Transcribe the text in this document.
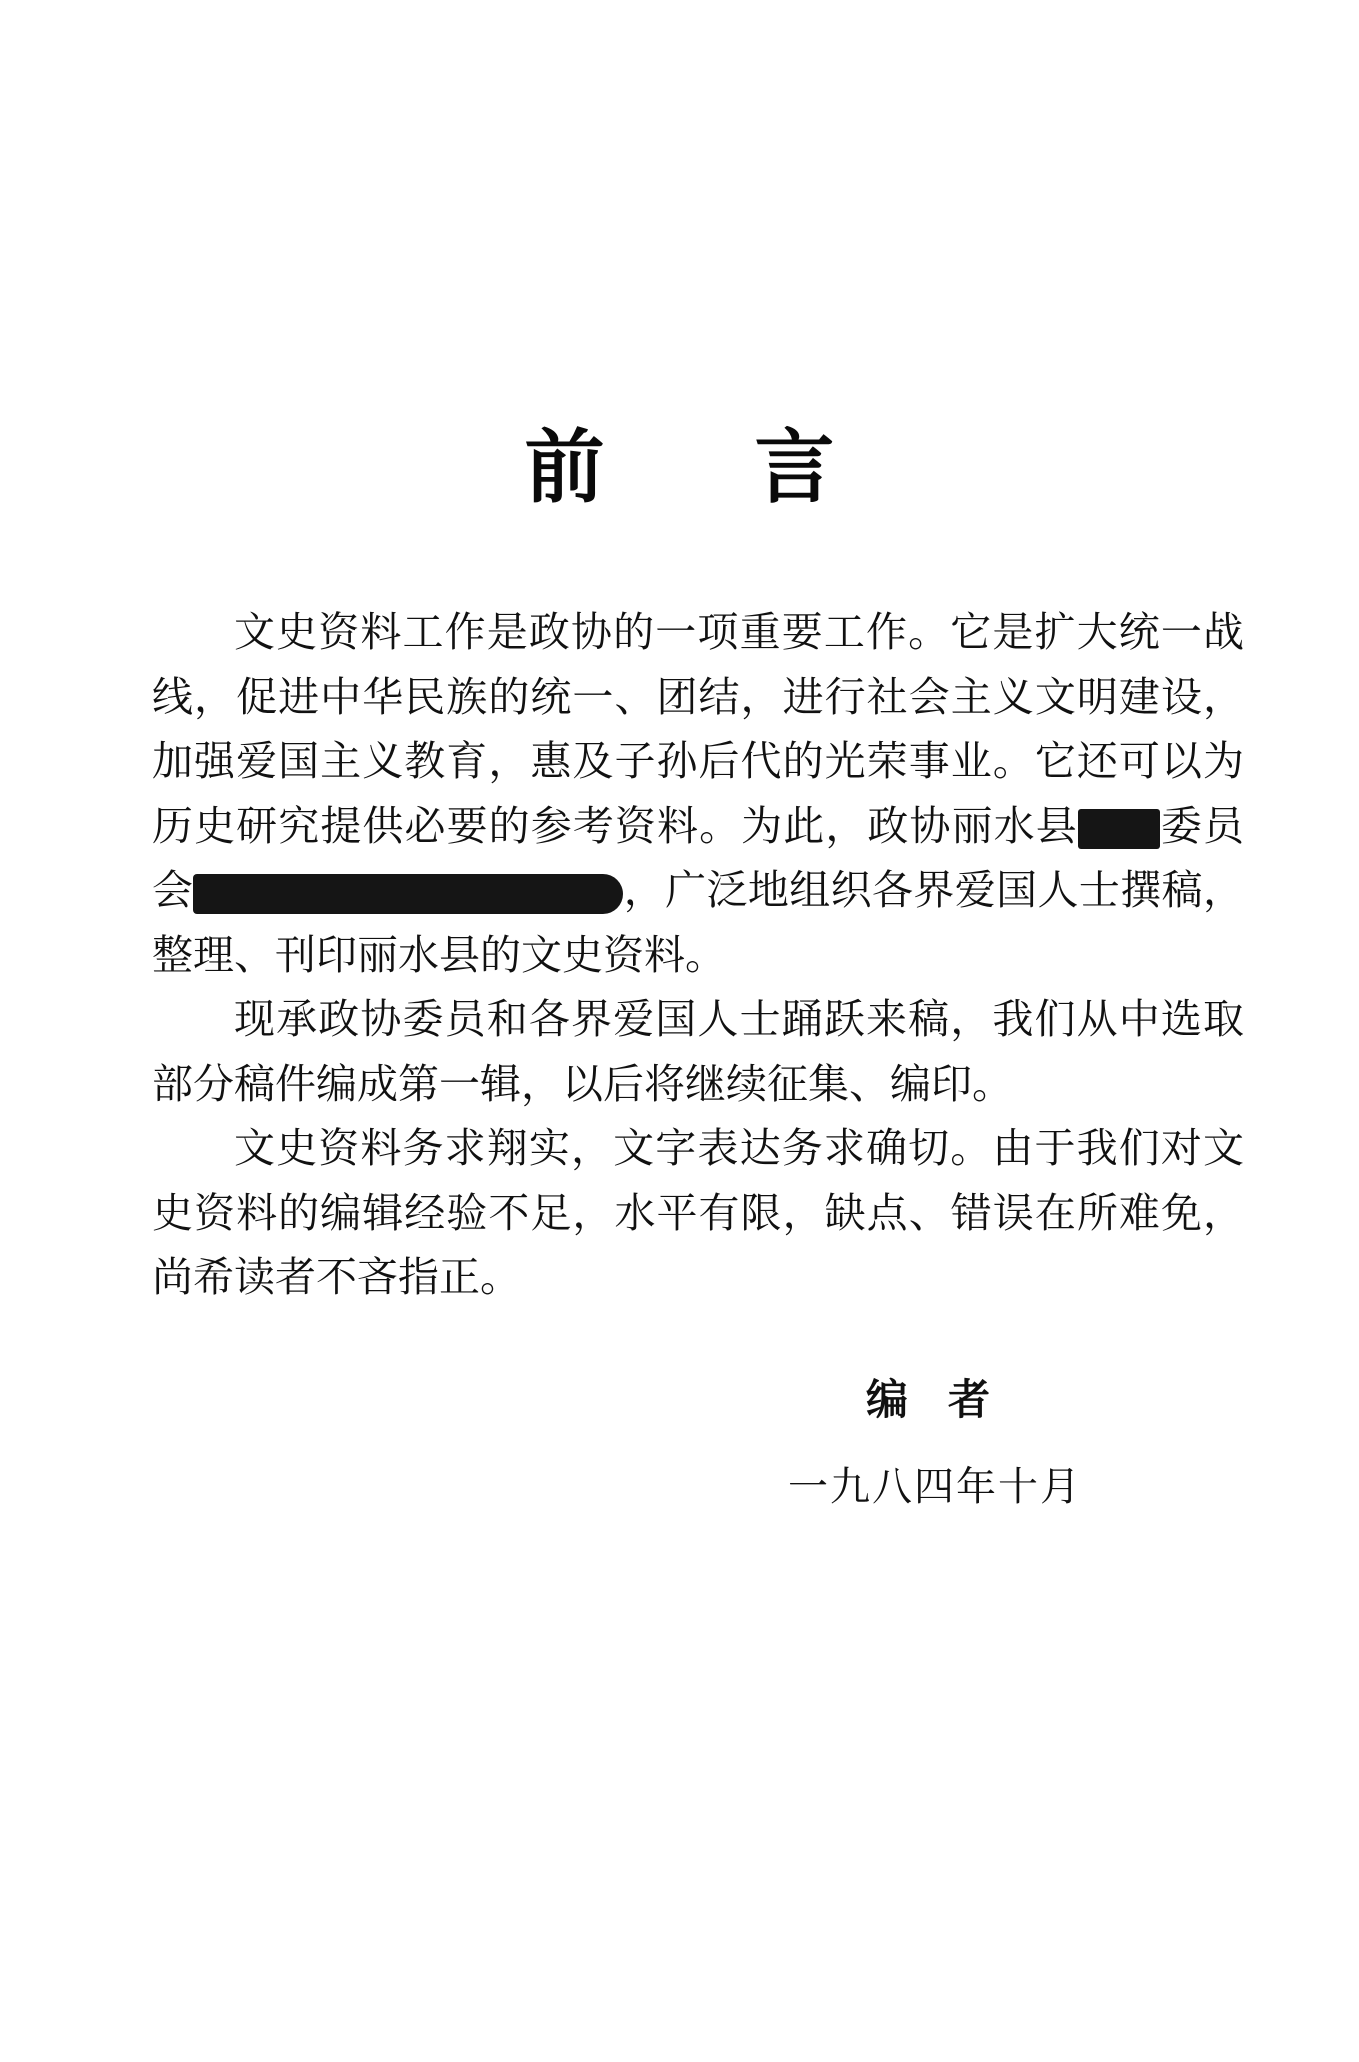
前言

文史资料工作是政协的一项重要工作。它是扩大统一战线，促进中华民族的统一、团结，进行社会主义文明建设，加强爱国主义教育，惠及子孙后代的光荣事业。它还可以为历史研究提供必要的参考资料。为此，政协丽水县 委员会	，广泛地组织各界爱国人士撰稿，整理、刊印丽水县的文史资料。

现承政协委员和各界爱国人士踊跃来稿，我们从中选取部分稿件编成第一辑，以后将继续征集、编印。

文史资料务求翔实，文字表达务求确切。由于我们对文史资料的编辑经验不足，水平有限，缺点、错误在所难免，尚希读者不吝指正。

编者
一九八四年十月
